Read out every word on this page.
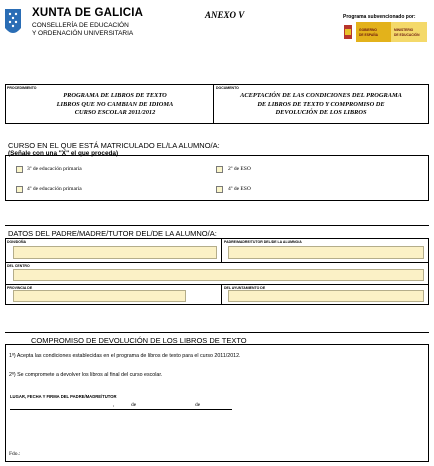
XUNTA DE GALICIA
CONSELLERÍA DE EDUCACIÓN
Y ORDENACIÓN UNIVERSITARIA
ANEXO V	Programa subvencionado por:
GOBIERNO
DE ESPAÑA
MINISTERIO
DE EDUCACIÓN
PROCEDIMIENTO
PROGRAMA DE LIBROS DE TEXTO
LIBROS QUE NO CAMBIAN DE IDIOMA
CURSO ESCOLAR 2011/2012
DOCUMENTO
ACEPTACIÓN DE LAS CONDICIONES DEL PROGRAMA
DE LIBROS DE TEXTO Y COMPROMISO DE
DEVOLUCIÓN DE LOS LIBROS
CURSO EN EL QUE ESTÁ MATRICULADO EL/LA ALUMNO/A:
(Señale con una "X" el que proceda)
3º de educación primaria	2º de ESO
4º de educación primaria	4º de ESO
DATOS DEL PADRE/MADRE/TUTOR DEL/DE LA ALUMNO/A:
DON/DOÑA	PADRE/MADRE/TUTOR DEL/DE LA ALUMNO/A
DEL CENTRO
PROVINCIA DE	DEL AYUNTAMIENTO DE
COMPROMISO DE DEVOLUCIÓN DE LOS LIBROS DE TEXTO
1º) Acepta las condiciones establecidas en el programa de libros de texto para el curso 2011/2012.
2º) Se compromete a devolver los libros al final del curso escolar.
LUGAR, FECHA Y FIRMA DEL PADRE/MADRE/TUTOR
,	de	de
Fdo.:
